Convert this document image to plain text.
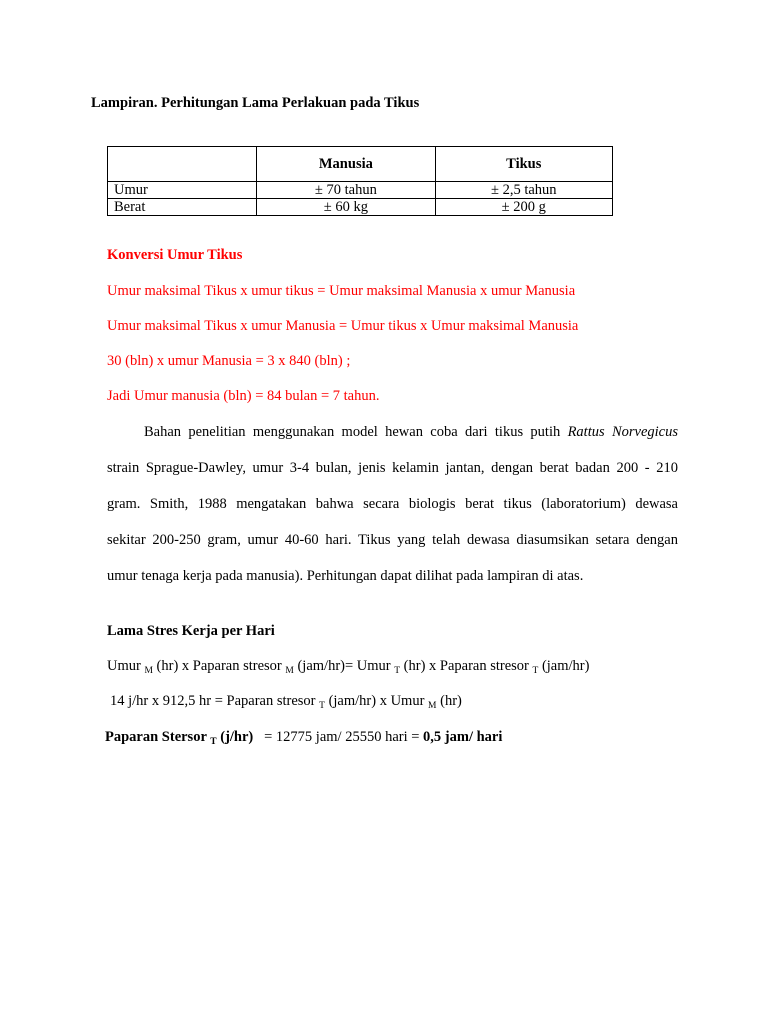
Lampiran. Perhitungan Lama Perlakuan pada Tikus
	Manusia	Tikus
Umur	± 70 tahun	± 2,5 tahun
Berat	± 60 kg	± 200 g
Konversi Umur Tikus
Umur maksimal Tikus x umur tikus = Umur maksimal Manusia x umur Manusia
Umur maksimal Tikus x umur Manusia = Umur tikus x Umur maksimal Manusia
30 (bln) x umur Manusia = 3 x 840 (bln) ;
Jadi Umur manusia (bln) = 84 bulan = 7 tahun.

Bahan penelitian menggunakan model hewan coba dari tikus putih Rattus Norvegicus

strain Sprague-Dawley, umur 3-4 bulan, jenis kelamin jantan, dengan berat badan 200 - 210

gram. Smith, 1988 mengatakan bahwa secara biologis berat tikus (laboratorium) dewasa

sekitar 200-250 gram, umur 40-60 hari. Tikus yang telah dewasa diasumsikan setara dengan

umur tenaga kerja pada manusia). Perhitungan dapat dilihat pada lampiran di atas.

Lama Stres Kerja per Hari
Umur $_M$ (hr) x Paparan stresor $_M$ (jam/hr)= Umur $_T$ (hr) x Paparan stresor $_T$ (jam/hr)
14 j/hr x 912,5 hr = Paparan stresor $_T$ (jam/hr) x Umur $_M$ (hr)
Paparan Stersor $_T$ (j/hr)   = 12775 jam/ 25550 hari = 0,5 jam/ hari
